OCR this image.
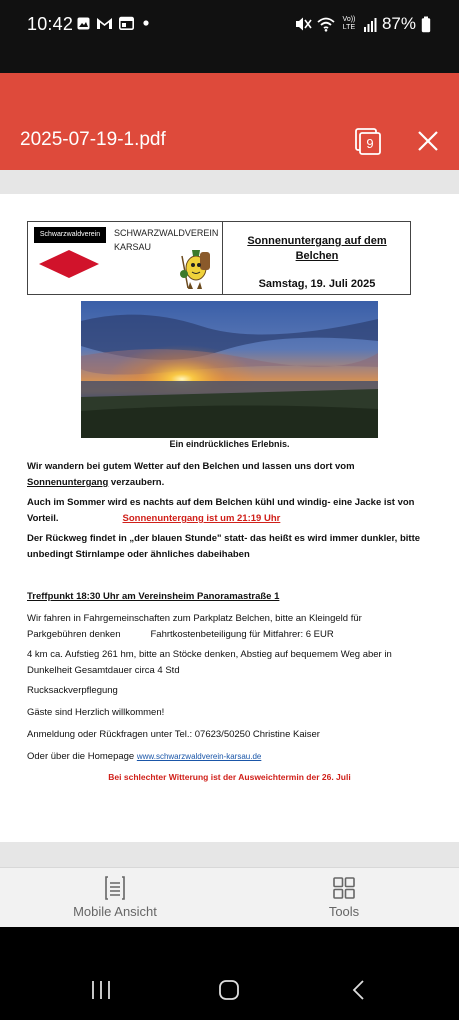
10:42	Vo)) LTE 87%
2025-07-19-1.pdf	9
Schwarzwaldverein	SCHWARZWALDVEREIN
KARSAU	Sonnenuntergang auf dem Belchen
Samstag, 19. Juli 2025
Ein eindrückliches Erlebnis.
Wir wandern bei gutem Wetter auf den Belchen und lassen uns dort vom
Sonnenuntergang verzaubern.
Auch im Sommer wird es nachts auf dem Belchen kühl und windig- eine Jacke ist von
Vorteil.	Sonnenuntergang ist um 21:19 Uhr
Der Rückweg findet in „der blauen Stunde" statt- das heißt es wird immer dunkler, bitte
unbedingt Stirnlampe oder ähnliches dabeihaben
Treffpunkt 18:30 Uhr am Vereinsheim Panoramastraße 1
Wir fahren in Fahrgemeinschaften zum Parkplatz Belchen, bitte an Kleingeld für
Parkgebühren denken	Fahrtkostenbeteiligung für Mitfahrer: 6 EUR
4 km ca. Aufstieg 261 hm, bitte an Stöcke denken, Abstieg auf bequemem Weg aber in
Dunkelheit Gesamtdauer circa 4 Std
Rucksackverpflegung
Gäste sind Herzlich willkommen!
Anmeldung oder Rückfragen unter Tel.: 07623/50250 Christine Kaiser
Oder über die Homepage www.schwarzwaldverein-karsau.de
Bei schlechter Witterung ist der Ausweichtermin der 26. Juli
Mobile Ansicht	Tools
